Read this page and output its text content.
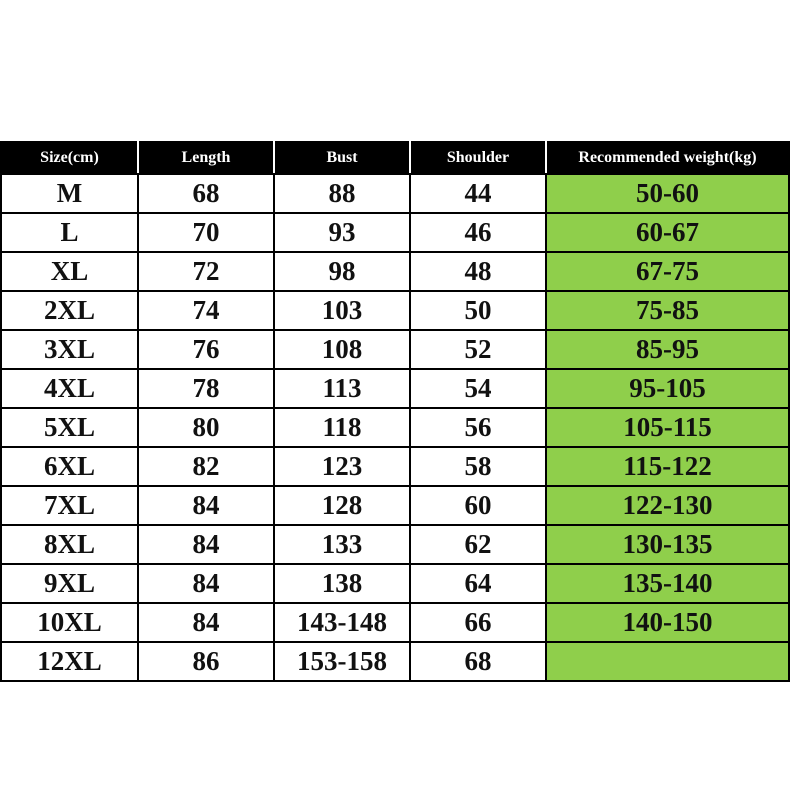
Size(cm)	Length	Bust	Shoulder	Recommended weight(kg)
M	68	88	44	50-60
L	70	93	46	60-67
XL	72	98	48	67-75
2XL	74	103	50	75-85
3XL	76	108	52	85-95
4XL	78	113	54	95-105
5XL	80	118	56	105-115
6XL	82	123	58	115-122
7XL	84	128	60	122-130
8XL	84	133	62	130-135
9XL	84	138	64	135-140
10XL	84	143-148	66	140-150
12XL	86	153-158	68	
